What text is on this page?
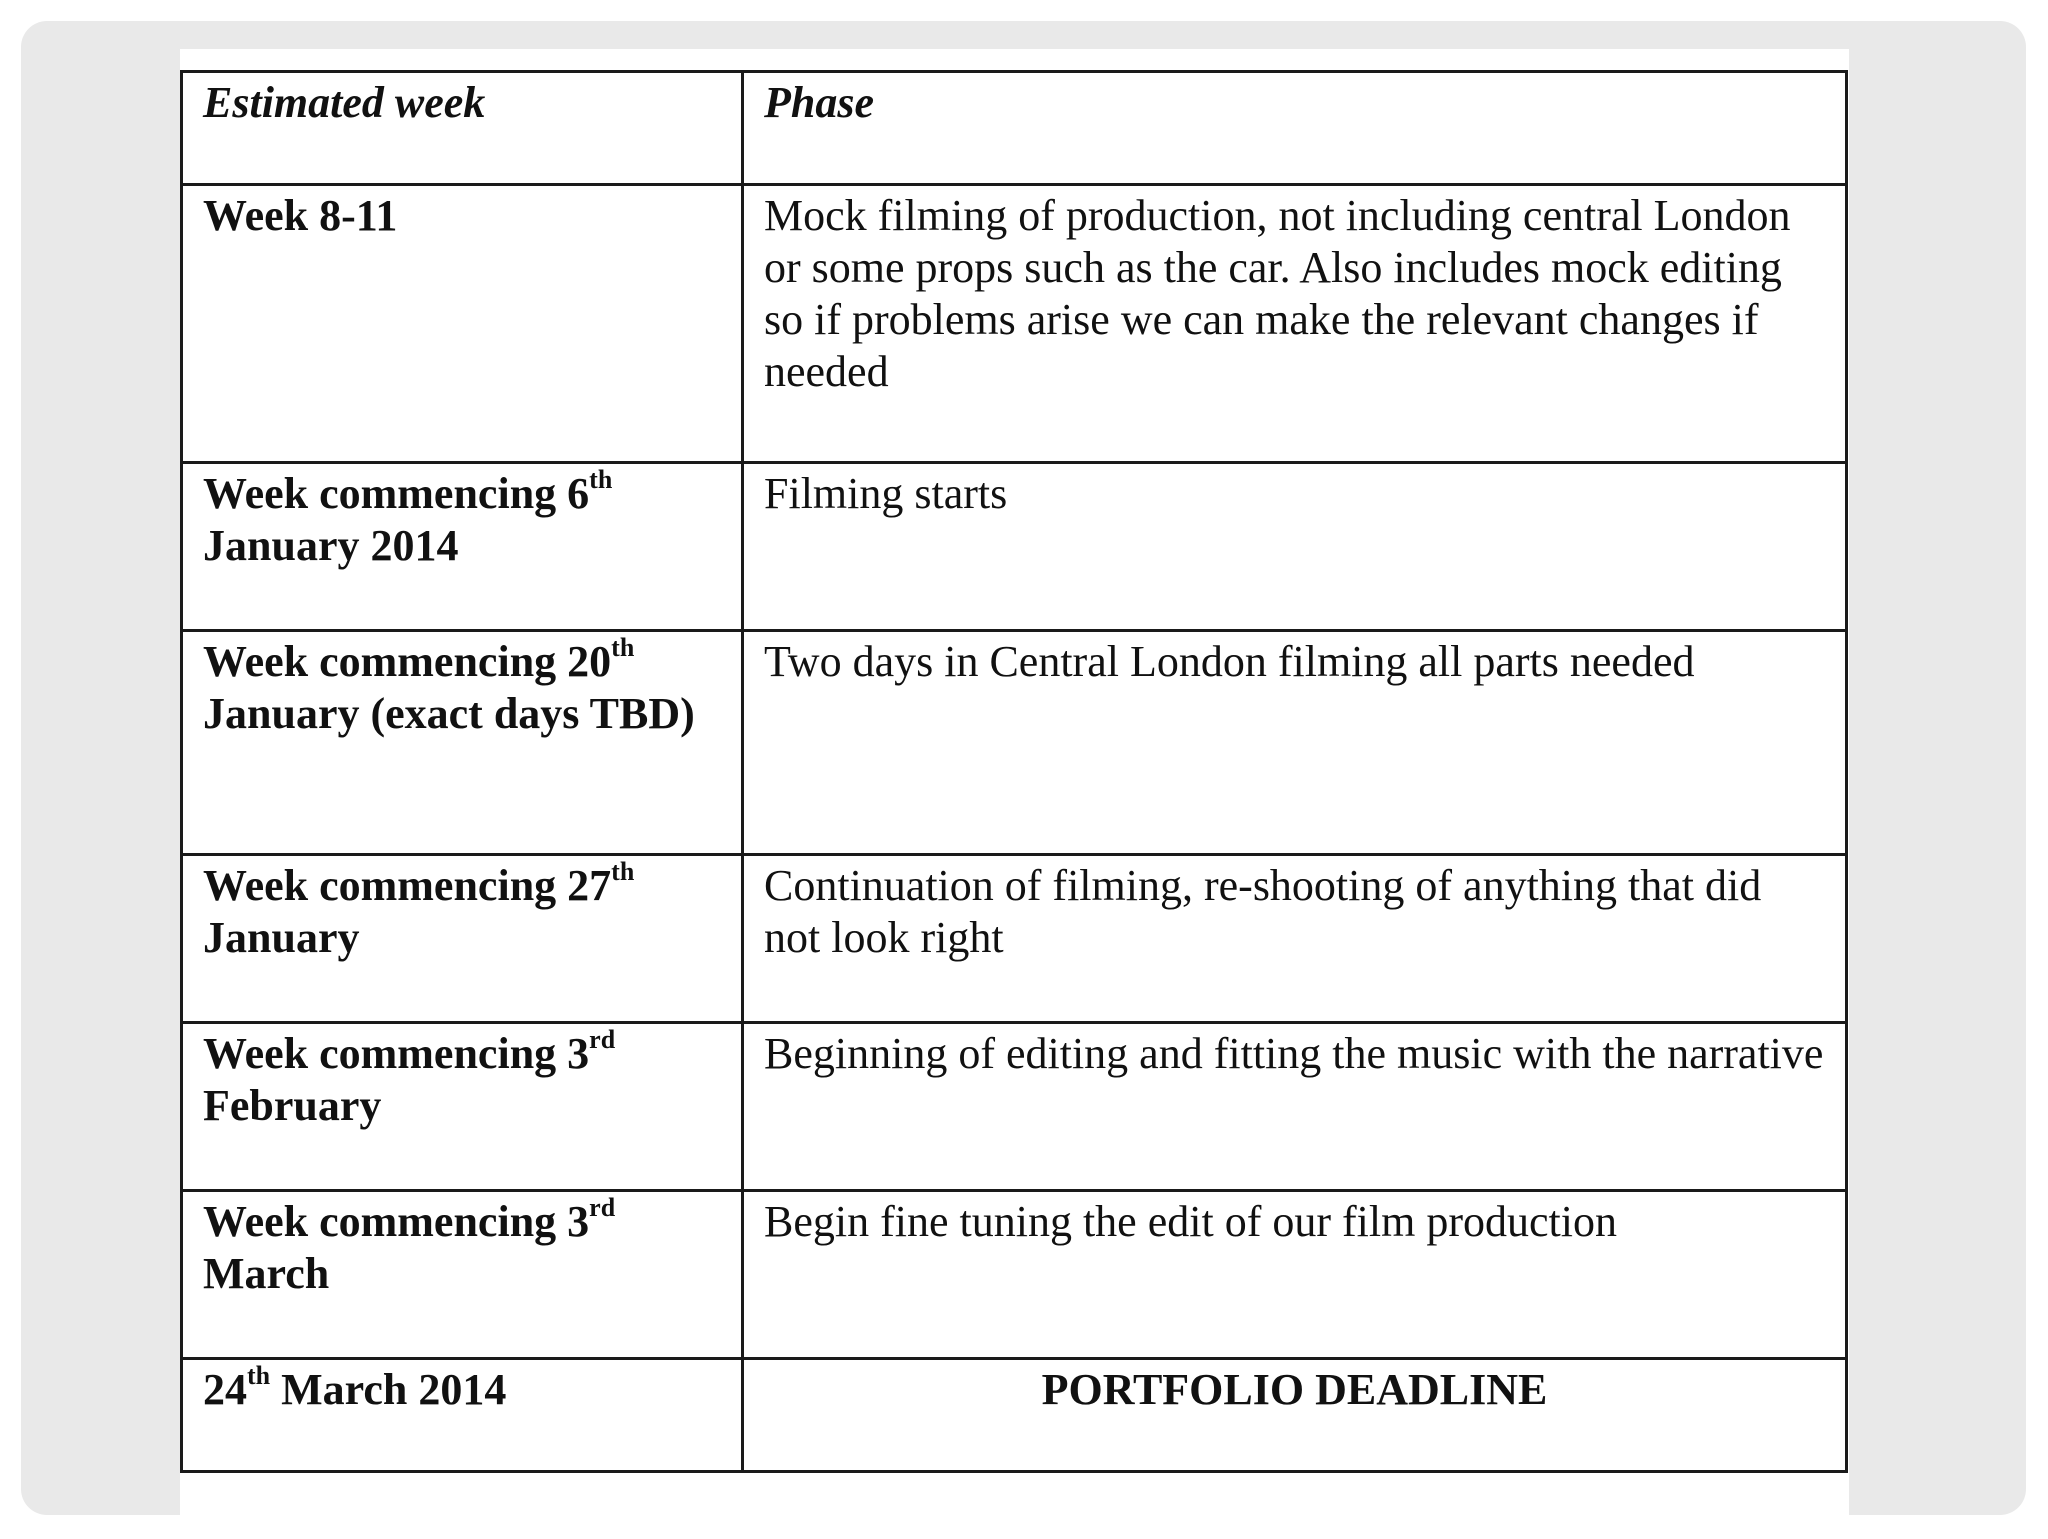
Estimated week	Phase
Week 8-11	Mock filming of production, not including central London or some props such as the car. Also includes mock editing so if problems arise we can make the relevant changes if needed
Week commencing 6th January 2014	Filming starts
Week commencing 20th January (exact days TBD)	Two days in Central London filming all parts needed
Week commencing 27th January	Continuation of filming, re-shooting of anything that did not look right
Week commencing 3rd February	Beginning of editing and fitting the music with the narrative
Week commencing 3rd March	Begin fine tuning the edit of our film production
24th March 2014	PORTFOLIO DEADLINE
